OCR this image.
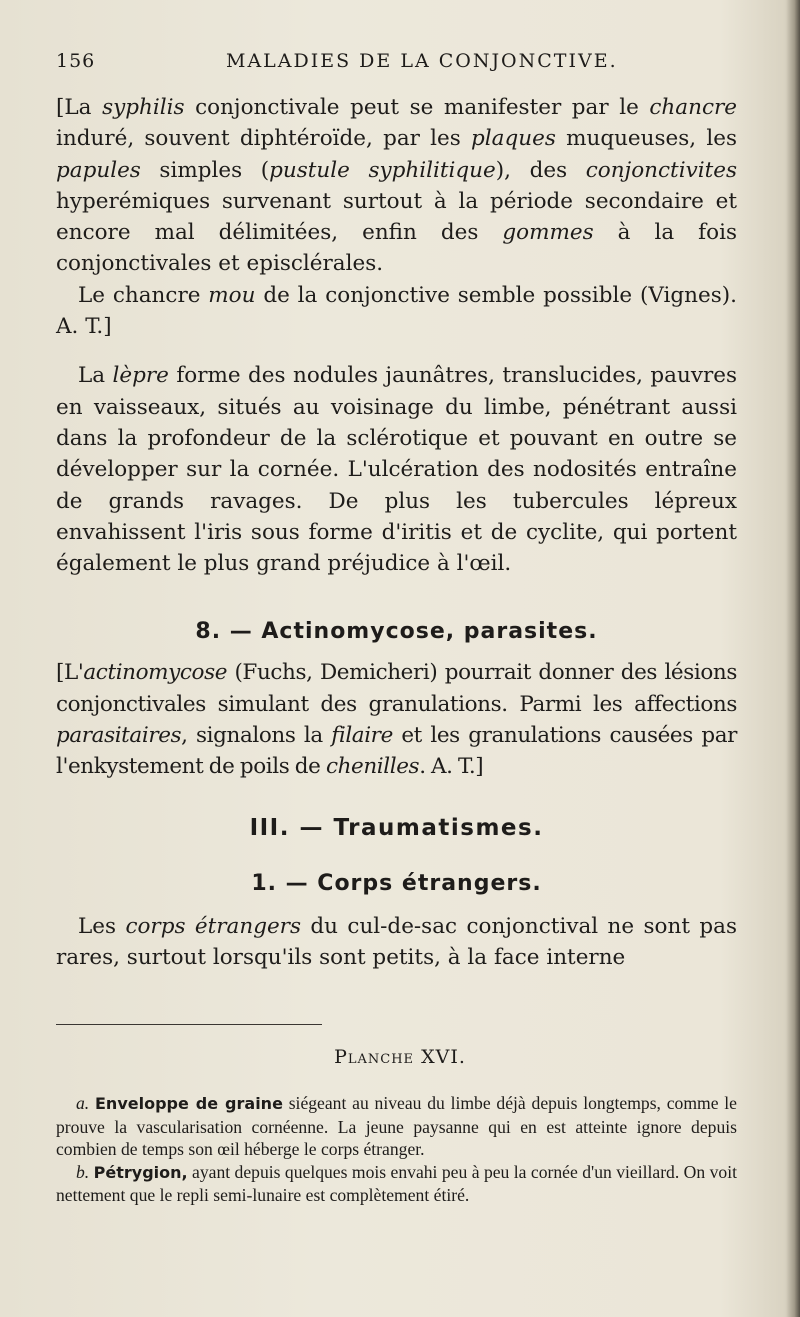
156	MALADIES DE LA CONJONCTIVE.

[La syphilis conjonctivale peut se manifester par le chancre induré, souvent diphtéroïde, par les plaques muqueuses, les papules simples (pustule syphilitique), des conjonctivites hyperémiques survenant surtout à la période secondaire et encore mal délimitées, enfin des gommes à la fois conjonctivales et episclérales.

Le chancre mou de la conjonctive semble possible (Vignes). A. T.]

La lèpre forme des nodules jaunâtres, translucides, pauvres en vaisseaux, situés au voisinage du limbe, pénétrant aussi dans la profondeur de la sclérotique et pouvant en outre se développer sur la cornée. L'ulcération des nodosités entraîne de grands ravages. De plus les tubercules lépreux envahissent l'iris sous forme d'iritis et de cyclite, qui portent également le plus grand préjudice à l'œil.

8. — Actinomycose, parasites.

[L'actinomycose (Fuchs, Demicheri) pourrait donner des lésions conjonctivales simulant des granulations. Parmi les affections parasitaires, signalons la filaire et les granulations causées par l'enkystement de poils de chenilles. A. T.]

III. — Traumatismes.
1. — Corps étrangers.

Les corps étrangers du cul-de-sac conjonctival ne sont pas rares, surtout lorsqu'ils sont petits, à la face interne

Planche XVI.

a. Enveloppe de graine siégeant au niveau du limbe déjà depuis longtemps, comme le prouve la vascularisation cornéenne. La jeune paysanne qui en est atteinte ignore depuis combien de temps son œil héberge le corps étranger.

b. Pétrygion, ayant depuis quelques mois envahi peu à peu la cornée d'un vieillard. On voit nettement que le repli semi-lunaire est complètement étiré.
